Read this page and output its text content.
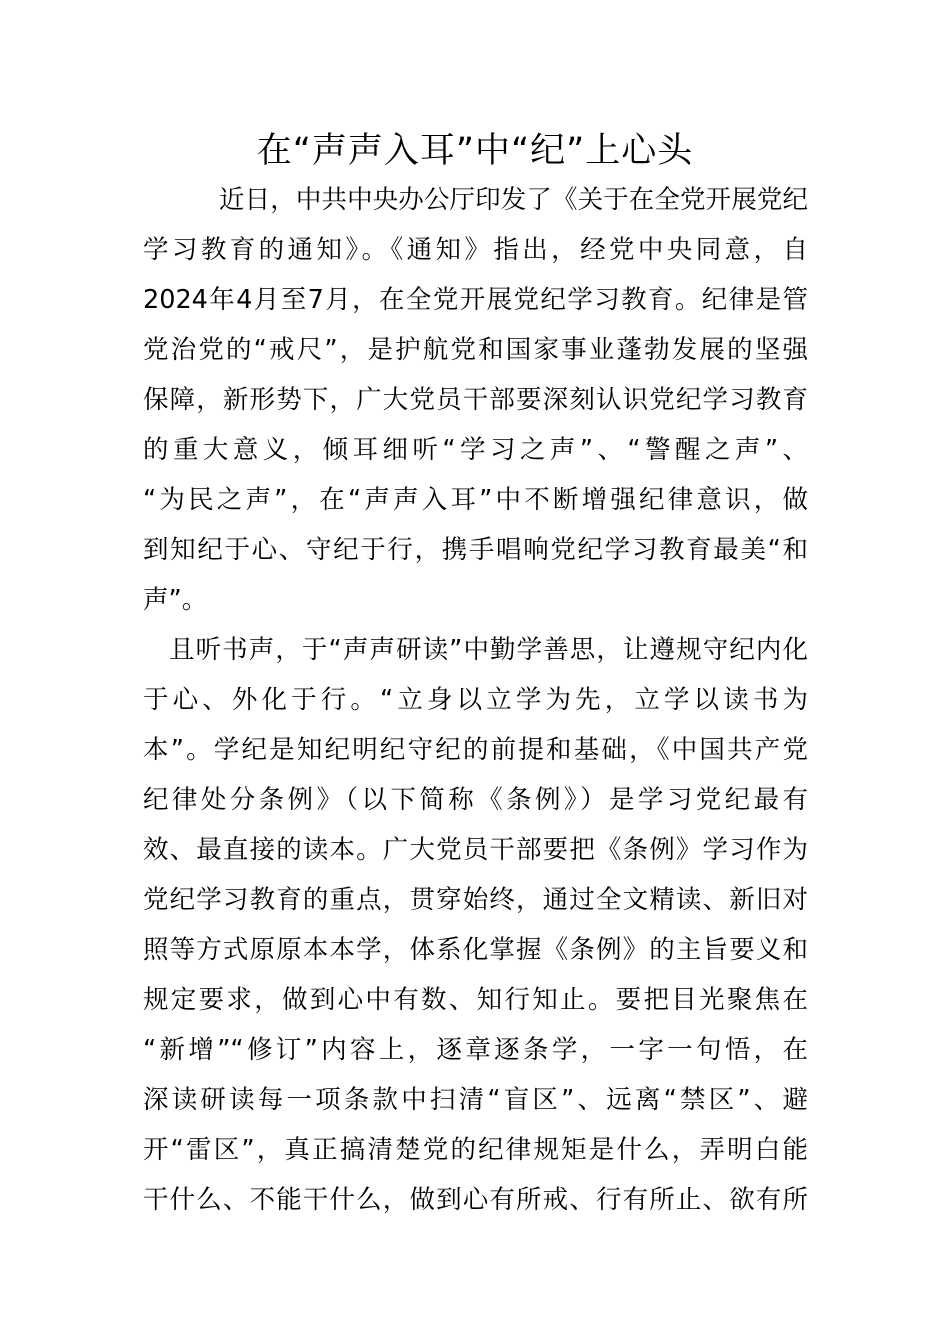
在“声声入耳”中“纪”上心头
近日，中共中央办公厅印发了《关于在全党开展党纪
学习教育的通知》。《通知》指出，经党中央同意，自
2024年4月至7月，在全党开展党纪学习教育。纪律是管
党治党的“戒尺”，是护航党和国家事业蓬勃发展的坚强
保障，新形势下，广大党员干部要深刻认识党纪学习教育
的重大意义，倾耳细听“学习之声”、“警醒之声”、
“为民之声”，在“声声入耳”中不断增强纪律意识，做
到知纪于心、守纪于行，携手唱响党纪学习教育最美“和
声”。
且听书声，于“声声研读”中勤学善思，让遵规守纪内化
于心、外化于行。“立身以立学为先，立学以读书为
本”。学纪是知纪明纪守纪的前提和基础，《中国共产党
纪律处分条例》（以下简称《条例》）是学习党纪最有
效、最直接的读本。广大党员干部要把《条例》学习作为
党纪学习教育的重点，贯穿始终，通过全文精读、新旧对
照等方式原原本本学，体系化掌握《条例》的主旨要义和
规定要求，做到心中有数、知行知止。要把目光聚焦在
“新增”“修订”内容上，逐章逐条学，一字一句悟，在
深读研读每一项条款中扫清“盲区”、远离“禁区”、避
开“雷区”，真正搞清楚党的纪律规矩是什么，弄明白能
干什么、不能干什么，做到心有所戒、行有所止、欲有所
